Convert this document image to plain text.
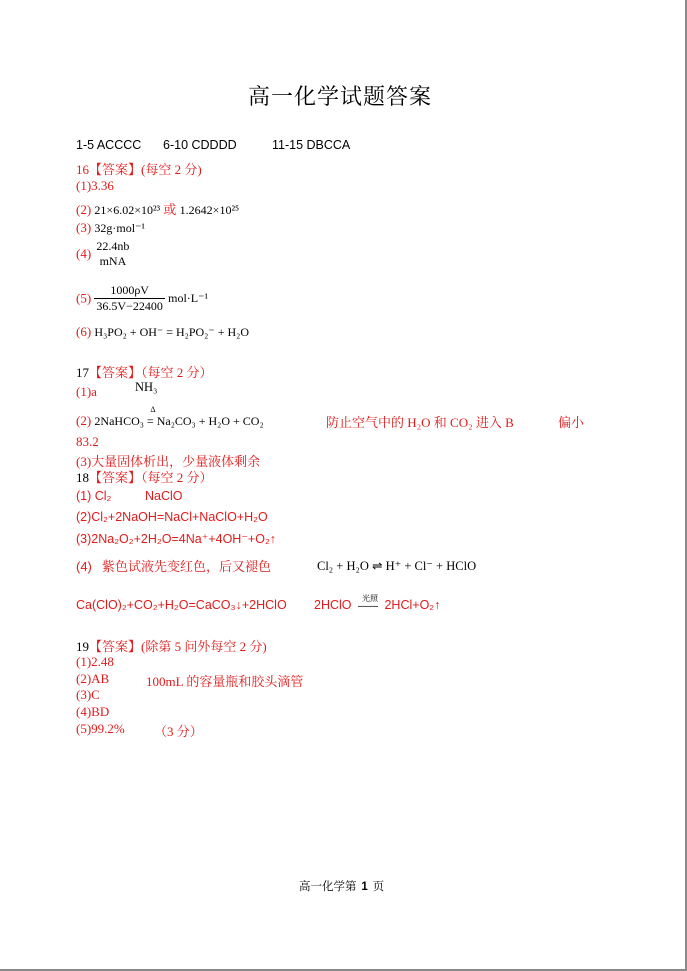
高一化学试题答案
1-5 ACCCC 6-10 CDDDD	11-15 DBCCA
16【答案】(每空 2 分)
(1)3.36
(2) 21×6.02×10²³ 或 1.2642×10²⁵
(3) 32g·mol⁻¹
(4) 22.4nb
mNA
$(5) \frac{1000\rho V}{36.5V-22400} mol\cdot L^{-1}$
(6) H₃PO₂ + OH⁻ = H₂PO₂⁻ + H₂O
17【答案】（每空 2 分）
(1)a	NH₃
(2)
Δ
2NaHCO₃ = Na₂CO₃ + H₂O + CO₂	防止空气中的 H₂O 和 CO₂ 进入 B	偏小
83.2
(3)大量固体析出，少量液体剩余
18【答案】（每空 2 分）
(1) Cl₂	NaClO
(2)Cl₂+2NaOH=NaCl+NaClO+H₂O
(3)2Na₂O₂+2H₂O=4Na⁺+4OH⁻+O₂↑
(4) 紫色试液先变红色，后又褪色	Cl₂ + H₂O ⇌ H⁺ + Cl⁻ + HClO
Ca(ClO)₂+CO₂+H₂O=CaCO₃↓+2HClO 2HClO 光照
—— 2HCl+O₂↑
19【答案】(除第 5 问外每空 2 分)
(1)2.48
(2)AB	100mL 的容量瓶和胶头滴管
(3)C
(4)BD
(5)99.2% （3 分）
高一化学第 1 页
